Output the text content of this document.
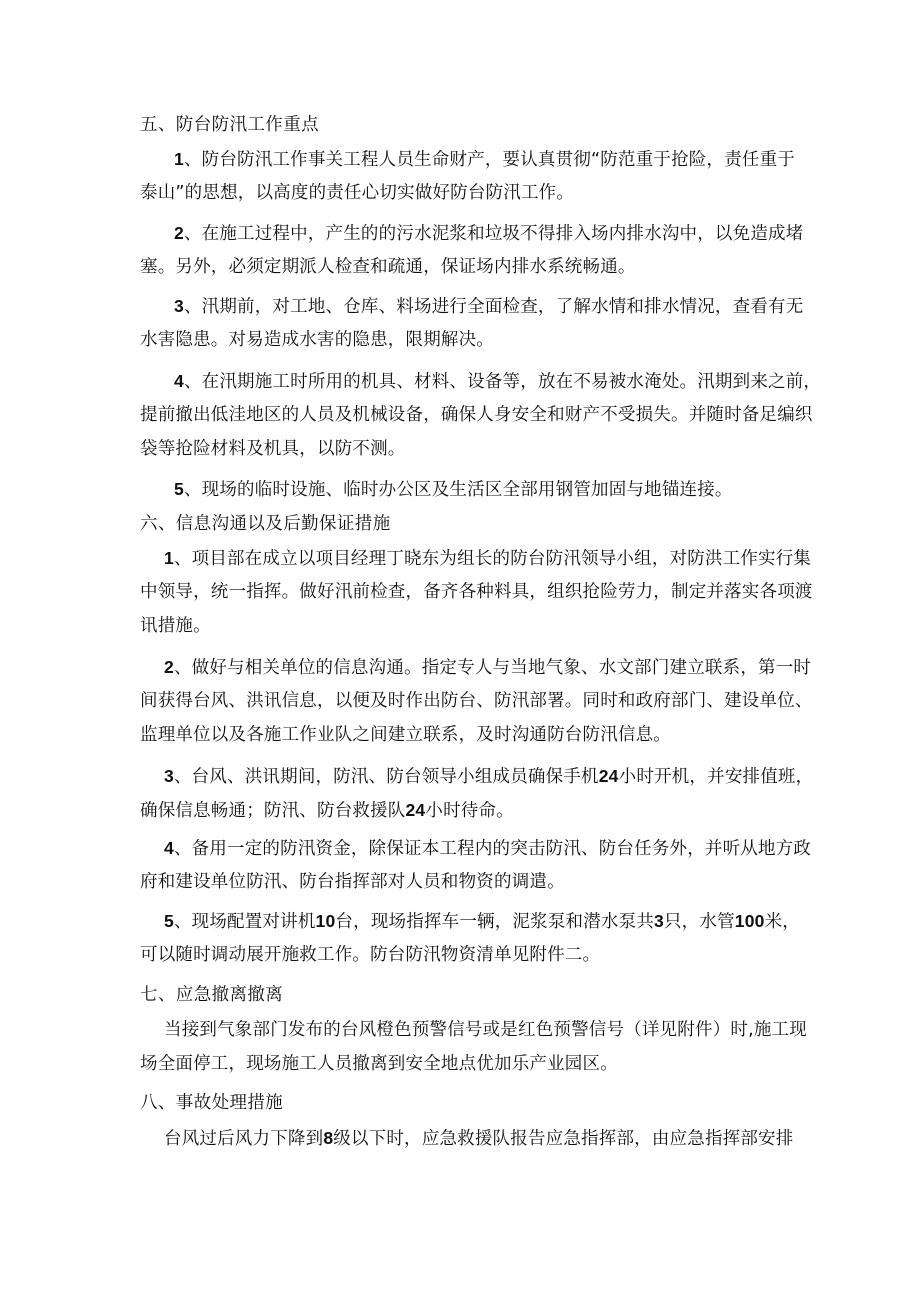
五、防台防汛工作重点
1、防台防汛工作事关工程人员生命财产，要认真贯彻“防范重于抢险，责任重于
泰山”的思想，以高度的责任心切实做好防台防汛工作。
2、在施工过程中，产生的的污水泥浆和垃圾不得排入场内排水沟中，以免造成堵
塞。另外，必须定期派人检查和疏通，保证场内排水系统畅通。
3、汛期前，对工地、仓库、料场进行全面检查，了解水情和排水情况，查看有无
水害隐患。对易造成水害的隐患，限期解决。
4、在汛期施工时所用的机具、材料、设备等，放在不易被水淹处。汛期到来之前，
提前撤出低洼地区的人员及机械设备，确保人身安全和财产不受损失。并随时备足编织
袋等抢险材料及机具，以防不测。
5、现场的临时设施、临时办公区及生活区全部用钢管加固与地锚连接。
六、信息沟通以及后勤保证措施
1、项目部在成立以项目经理丁晓东为组长的防台防汛领导小组，对防洪工作实行集
中领导，统一指挥。做好汛前检查，备齐各种料具，组织抢险劳力，制定并落实各项渡
讯措施。
2、做好与相关单位的信息沟通。指定专人与当地气象、水文部门建立联系，第一时
间获得台风、洪讯信息，以便及时作出防台、防汛部署。同时和政府部门、建设单位、
监理单位以及各施工作业队之间建立联系，及时沟通防台防汛信息。
3、台风、洪讯期间，防汛、防台领导小组成员确保手机24小时开机，并安排值班，
确保信息畅通；防汛、防台救援队24小时待命。
4、备用一定的防汛资金，除保证本工程内的突击防汛、防台任务外，并听从地方政
府和建设单位防汛、防台指挥部对人员和物资的调遣。
5、现场配置对讲机10台，现场指挥车一辆，泥浆泵和潜水泵共3只，水管100米，
可以随时调动展开施救工作。防台防汛物资清单见附件二。
七、应急撤离撤离
当接到气象部门发布的台风橙色预警信号或是红色预警信号（详见附件）时,施工现
场全面停工，现场施工人员撤离到安全地点优加乐产业园区。
八、事故处理措施
台风过后风力下降到8级以下时，应急救援队报告应急指挥部，由应急指挥部安排
